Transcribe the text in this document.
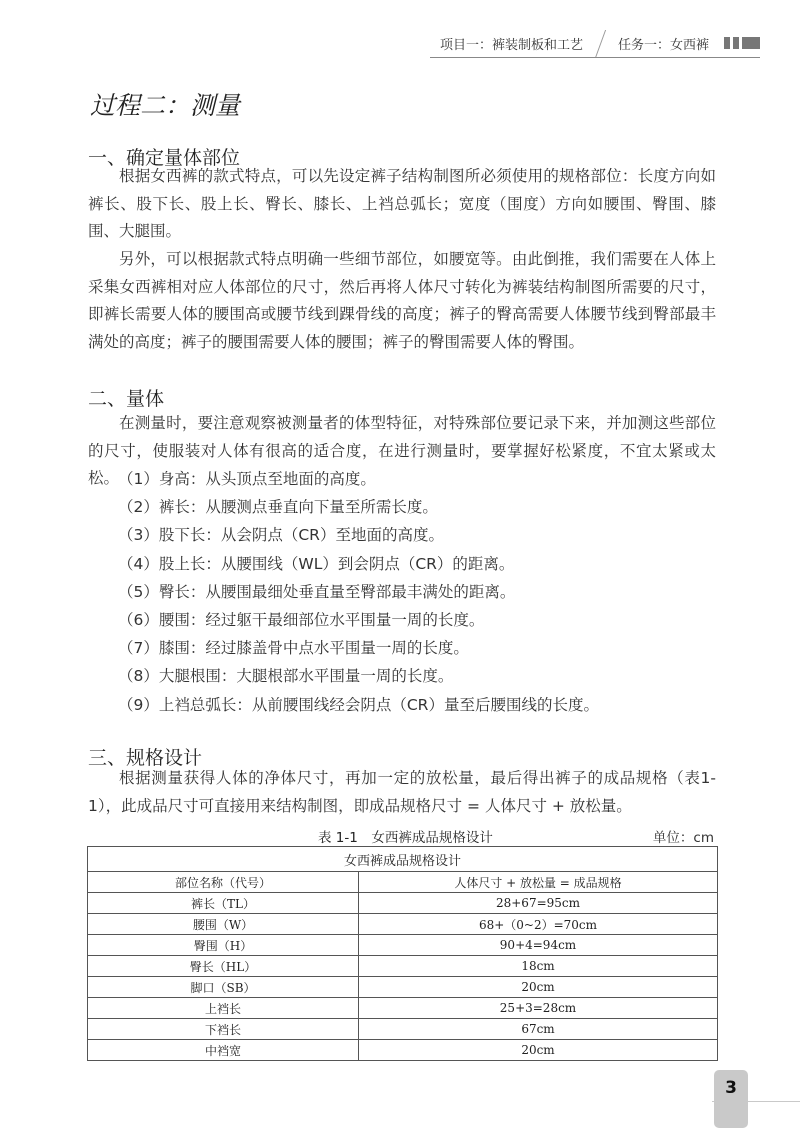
项目一：裤装制板和工艺	任务一：女西裤
过程二：测量
一、确定量体部位

根据女西裤的款式特点，可以先设定裤子结构制图所必须使用的规格部位：长度方向如裤长、股下长、股上长、臀长、膝长、上裆总弧长；宽度（围度）方向如腰围、臀围、膝围、大腿围。

另外，可以根据款式特点明确一些细节部位，如腰宽等。由此倒推，我们需要在人体上采集女西裤相对应人体部位的尺寸，然后再将人体尺寸转化为裤装结构制图所需要的尺寸，即裤长需要人体的腰围高或腰节线到踝骨线的高度；裤子的臀高需要人体腰节线到臀部最丰满处的高度；裤子的腰围需要人体的腰围；裤子的臀围需要人体的臀围。

二、量体

在测量时，要注意观察被测量者的体型特征，对特殊部位要记录下来，并加测这些部位的尺寸，使服装对人体有很高的适合度，在进行测量时，要掌握好松紧度，不宜太紧或太松。

（1）身高：从头顶点至地面的高度。
（2）裤长：从腰测点垂直向下量至所需长度。
（3）股下长：从会阴点（CR）至地面的高度。
（4）股上长：从腰围线（WL）到会阴点（CR）的距离。
（5）臀长：从腰围最细处垂直量至臀部最丰满处的距离。
（6）腰围：经过躯干最细部位水平围量一周的长度。
（7）膝围：经过膝盖骨中点水平围量一周的长度。
（8）大腿根围：大腿根部水平围量一周的长度。
（9）上裆总弧长：从前腰围线经会阴点（CR）量至后腰围线的长度。
三、规格设计

根据测量获得人体的净体尺寸，再加一定的放松量，最后得出裤子的成品规格（表1-1），此成品尺寸可直接用来结构制图，即成品规格尺寸 = 人体尺寸 + 放松量。

表 1-1　女西裤成品规格设计	单位：cm
女西裤成品规格设计	
部位名称（代号）	人体尺寸 + 放松量 = 成品规格
裤长（TL）	28+67=95cm
腰围（W）	68+（0~2）=70cm
臀围（H）	90+4=94cm
臀长（HL）	18cm
脚口（SB）	20cm
上裆长	25+3=28cm
下裆长	67cm
中裆宽	20cm
3
